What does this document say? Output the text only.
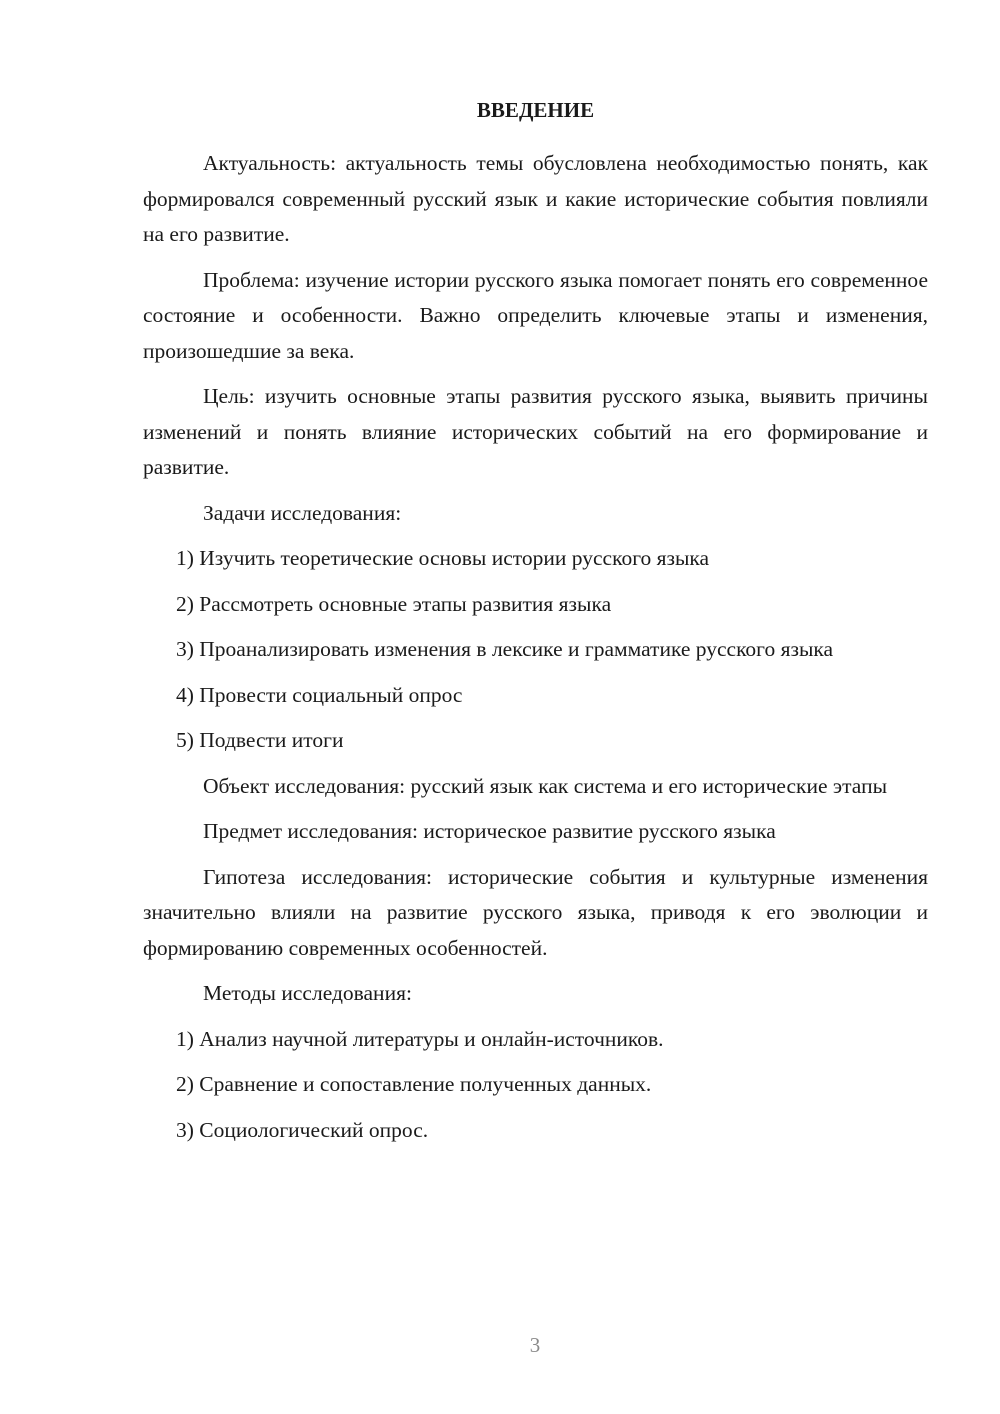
ВВЕДЕНИЕ

Актуальность: актуальность темы обусловлена необходимостью понять, как формировался современный русский язык и какие исторические события повлияли на его развитие.

Проблема: изучение истории русского языка помогает понять его современное состояние и особенности. Важно определить ключевые этапы и изменения, произошедшие за века.

Цель: изучить основные этапы развития русского языка, выявить причины изменений и понять влияние исторических событий на его формирование и развитие.

Задачи исследования:

1) Изучить теоретические основы истории русского языка

2) Рассмотреть основные этапы развития языка

3) Проанализировать изменения в лексике и грамматике русского языка

4) Провести социальный опрос

5) Подвести итоги

Объект исследования: русский язык как система и его исторические этапы

Предмет исследования: историческое развитие русского языка

Гипотеза исследования: исторические события и культурные изменения значительно влияли на развитие русского языка, приводя к его эволюции и формированию современных особенностей.

Методы исследования:

1) Анализ научной литературы и онлайн-источников.

2) Сравнение и сопоставление полученных данных.

3) Социологический опрос.

3
